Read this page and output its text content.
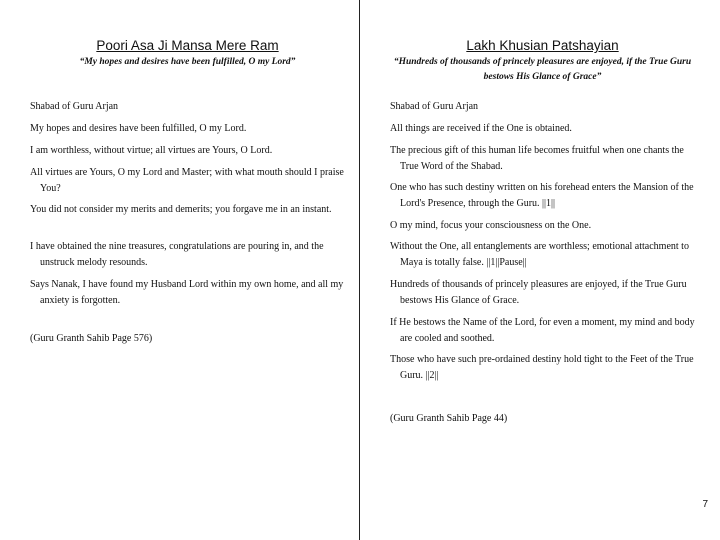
Poori Asa Ji Mansa Mere Ram
“My hopes and desires have been fulfilled, O my Lord”
Shabad of Guru Arjan
My hopes and desires have been fulfilled, O my Lord.
I am worthless, without virtue; all virtues are Yours, O Lord.
All virtues are Yours, O my Lord and Master; with what mouth should I praise You?
You did not consider my merits and demerits; you forgave me in an instant.
I have obtained the nine treasures, congratulations are pouring in, and the unstruck melody resounds.
Says Nanak, I have found my Husband Lord within my own home, and all my anxiety is forgotten.
(Guru Granth Sahib Page 576)
Lakh Khusian Patshayian
“Hundreds of thousands of princely pleasures are enjoyed, if the True Guru bestows His Glance of Grace”
Shabad of Guru Arjan
All things are received if the One is obtained.
The precious gift of this human life becomes fruitful when one chants the True Word of the Shabad.
One who has such destiny written on his forehead enters the Mansion of the Lord's Presence, through the Guru. ||1||
O my mind, focus your consciousness on the One.
Without the One, all entanglements are worthless; emotional attachment to Maya is totally false. ||1||Pause||
Hundreds of thousands of princely pleasures are enjoyed, if the True Guru bestows His Glance of Grace.
If He bestows the Name of the Lord, for even a moment, my mind and body are cooled and soothed.
Those who have such pre-ordained destiny hold tight to the Feet of the True Guru. ||2||
(Guru Granth Sahib Page 44)
7
